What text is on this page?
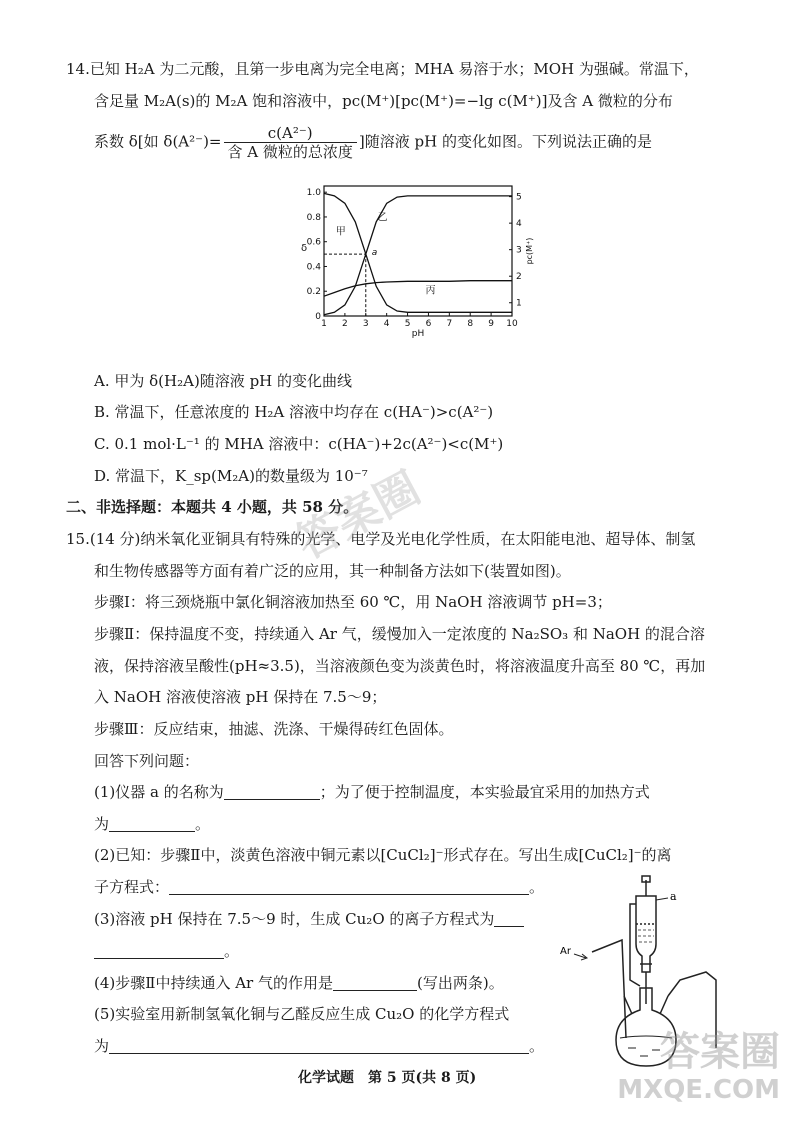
14.已知 H₂A 为二元酸，且第一步电离为完全电离；MHA 易溶于水；MOH 为强碱。常温下，
含足量 M₂A(s)的 M₂A 饱和溶液中，pc(M⁺)[pc(M⁺)=−lg c(M⁺)]及含 A 微粒的分布
系数 δ[如 $\delta(A^{2-})= \frac{\text{c(A²⁻)}}{\text{含 A 微粒的总浓度}}$ ]随溶液 pH 的变化如图。下列说法正确的是
1 2 3 4 5 6 7 8 9 10
0
0.2
0.4
0.6
0.8
1.0
1
2
3
4
5
pH
δ	pc(M⁺)
a
甲
乙
丙
A. 甲为 δ(H₂A)随溶液 pH 的变化曲线
B. 常温下，任意浓度的 H₂A 溶液中均存在 c(HA⁻)>c(A²⁻)
C. 0.1 mol·L⁻¹ 的 MHA 溶液中：c(HA⁻)+2c(A²⁻)<c(M⁺)
D. 常温下，K_sp(M₂A)的数量级为 10⁻⁷
二、非选择题：本题共 4 小题，共 58 分。
15.(14 分)纳米氧化亚铜具有特殊的光学、电学及光电化学性质，在太阳能电池、超导体、制氢
和生物传感器等方面有着广泛的应用，其一种制备方法如下(装置如图)。
步骤Ⅰ：将三颈烧瓶中氯化铜溶液加热至 60 ℃，用 NaOH 溶液调节 pH=3；
步骤Ⅱ：保持温度不变，持续通入 Ar 气，缓慢加入一定浓度的 Na₂SO₃ 和 NaOH 的混合溶
液，保持溶液呈酸性(pH≈3.5)，当溶液颜色变为淡黄色时，将溶液温度升高至 80 ℃，再加
入 NaOH 溶液使溶液 pH 保持在 7.5～9；
步骤Ⅲ：反应结束，抽滤、洗涤、干燥得砖红色固体。
回答下列问题：
(1)仪器 a 的名称为	；为了便于控制温度，本实验最宜采用的加热方式
为	。
(2)已知：步骤Ⅱ中，淡黄色溶液中铜元素以[CuCl₂]⁻形式存在。写出生成[CuCl₂]⁻的离
子方程式：	。
(3)溶液 pH 保持在 7.5～9 时，生成 Cu₂O 的离子方程式为
。
(4)步骤Ⅱ中持续通入 Ar 气的作用是	(写出两条)。
(5)实验室用新制氢氧化铜与乙醛反应生成 Cu₂O 的化学方程式
为	。
a
Ar
化学试题　第 5 页(共 8 页)
答案圈
答案圈
MXQE.COM
